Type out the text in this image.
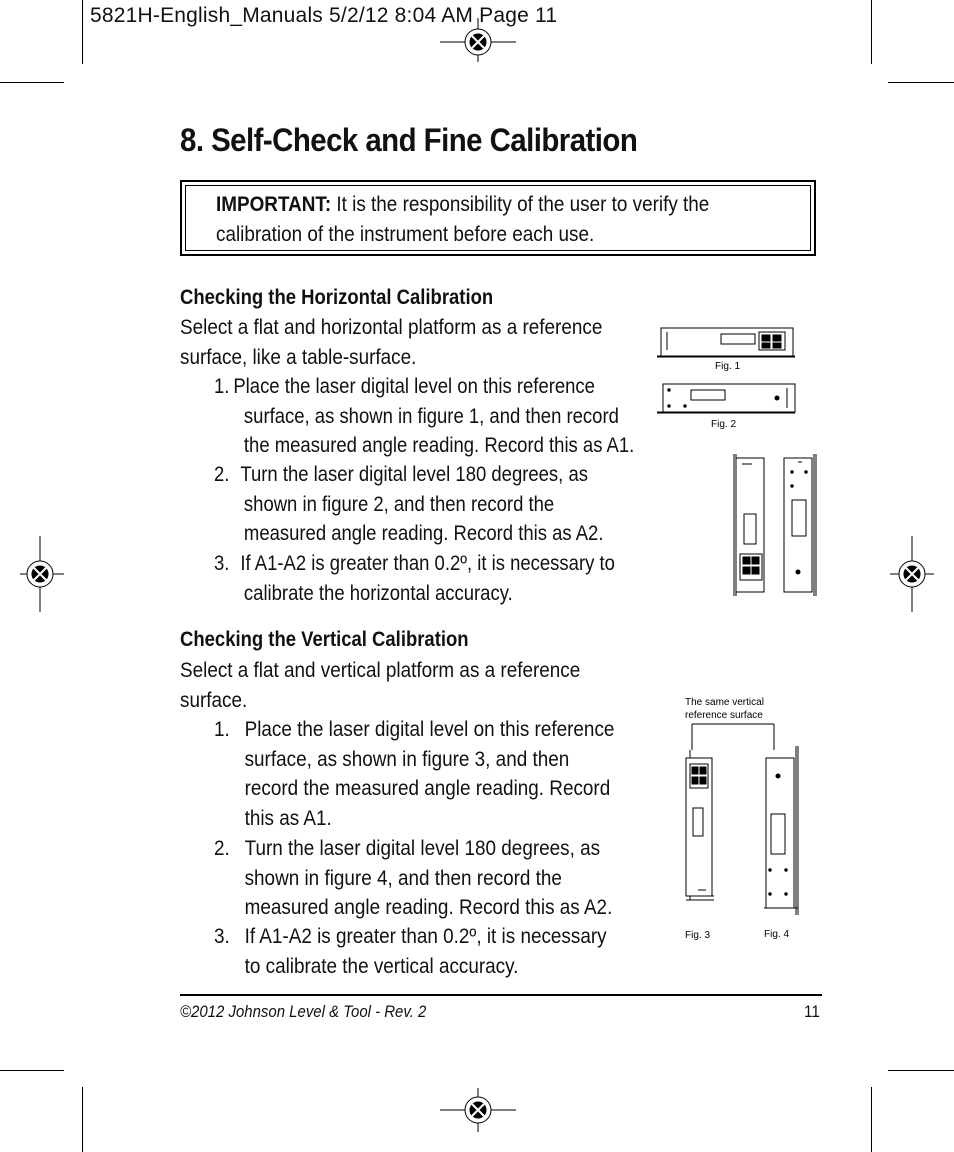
5821H-English_Manuals 5/2/12 8:04 AM Page 11
8. Self-Check and Fine Calibration
IMPORTANT: It is the responsibility of the user to verify the
calibration of the instrument before each use.
Checking the Horizontal Calibration
Select a flat and horizontal platform as a reference
surface, like a table-surface.
1. Place the laser digital level on this reference
surface, as shown in figure 1, and then record
the measured angle reading. Record this as A1.
2. Turn the laser digital level 180 degrees, as
shown in figure 2, and then record the
measured angle reading. Record this as A2.
3. If A1-A2 is greater than 0.2º, it is necessary to
calibrate the horizontal accuracy.
Checking the Vertical Calibration
Select a flat and vertical platform as a reference
surface.
1. Place the laser digital level on this reference
surface, as shown in figure 3, and then
record the measured angle reading. Record
this as A1.
2. Turn the laser digital level 180 degrees, as
shown in figure 4, and then record the
measured angle reading. Record this as A2.
3. If A1-A2 is greater than 0.2º, it is necessary
to calibrate the vertical accuracy.
Fig. 1
Fig. 2
The same vertical
reference surface
Fig. 3	Fig. 4
©2012 Johnson Level & Tool - Rev. 2	11
